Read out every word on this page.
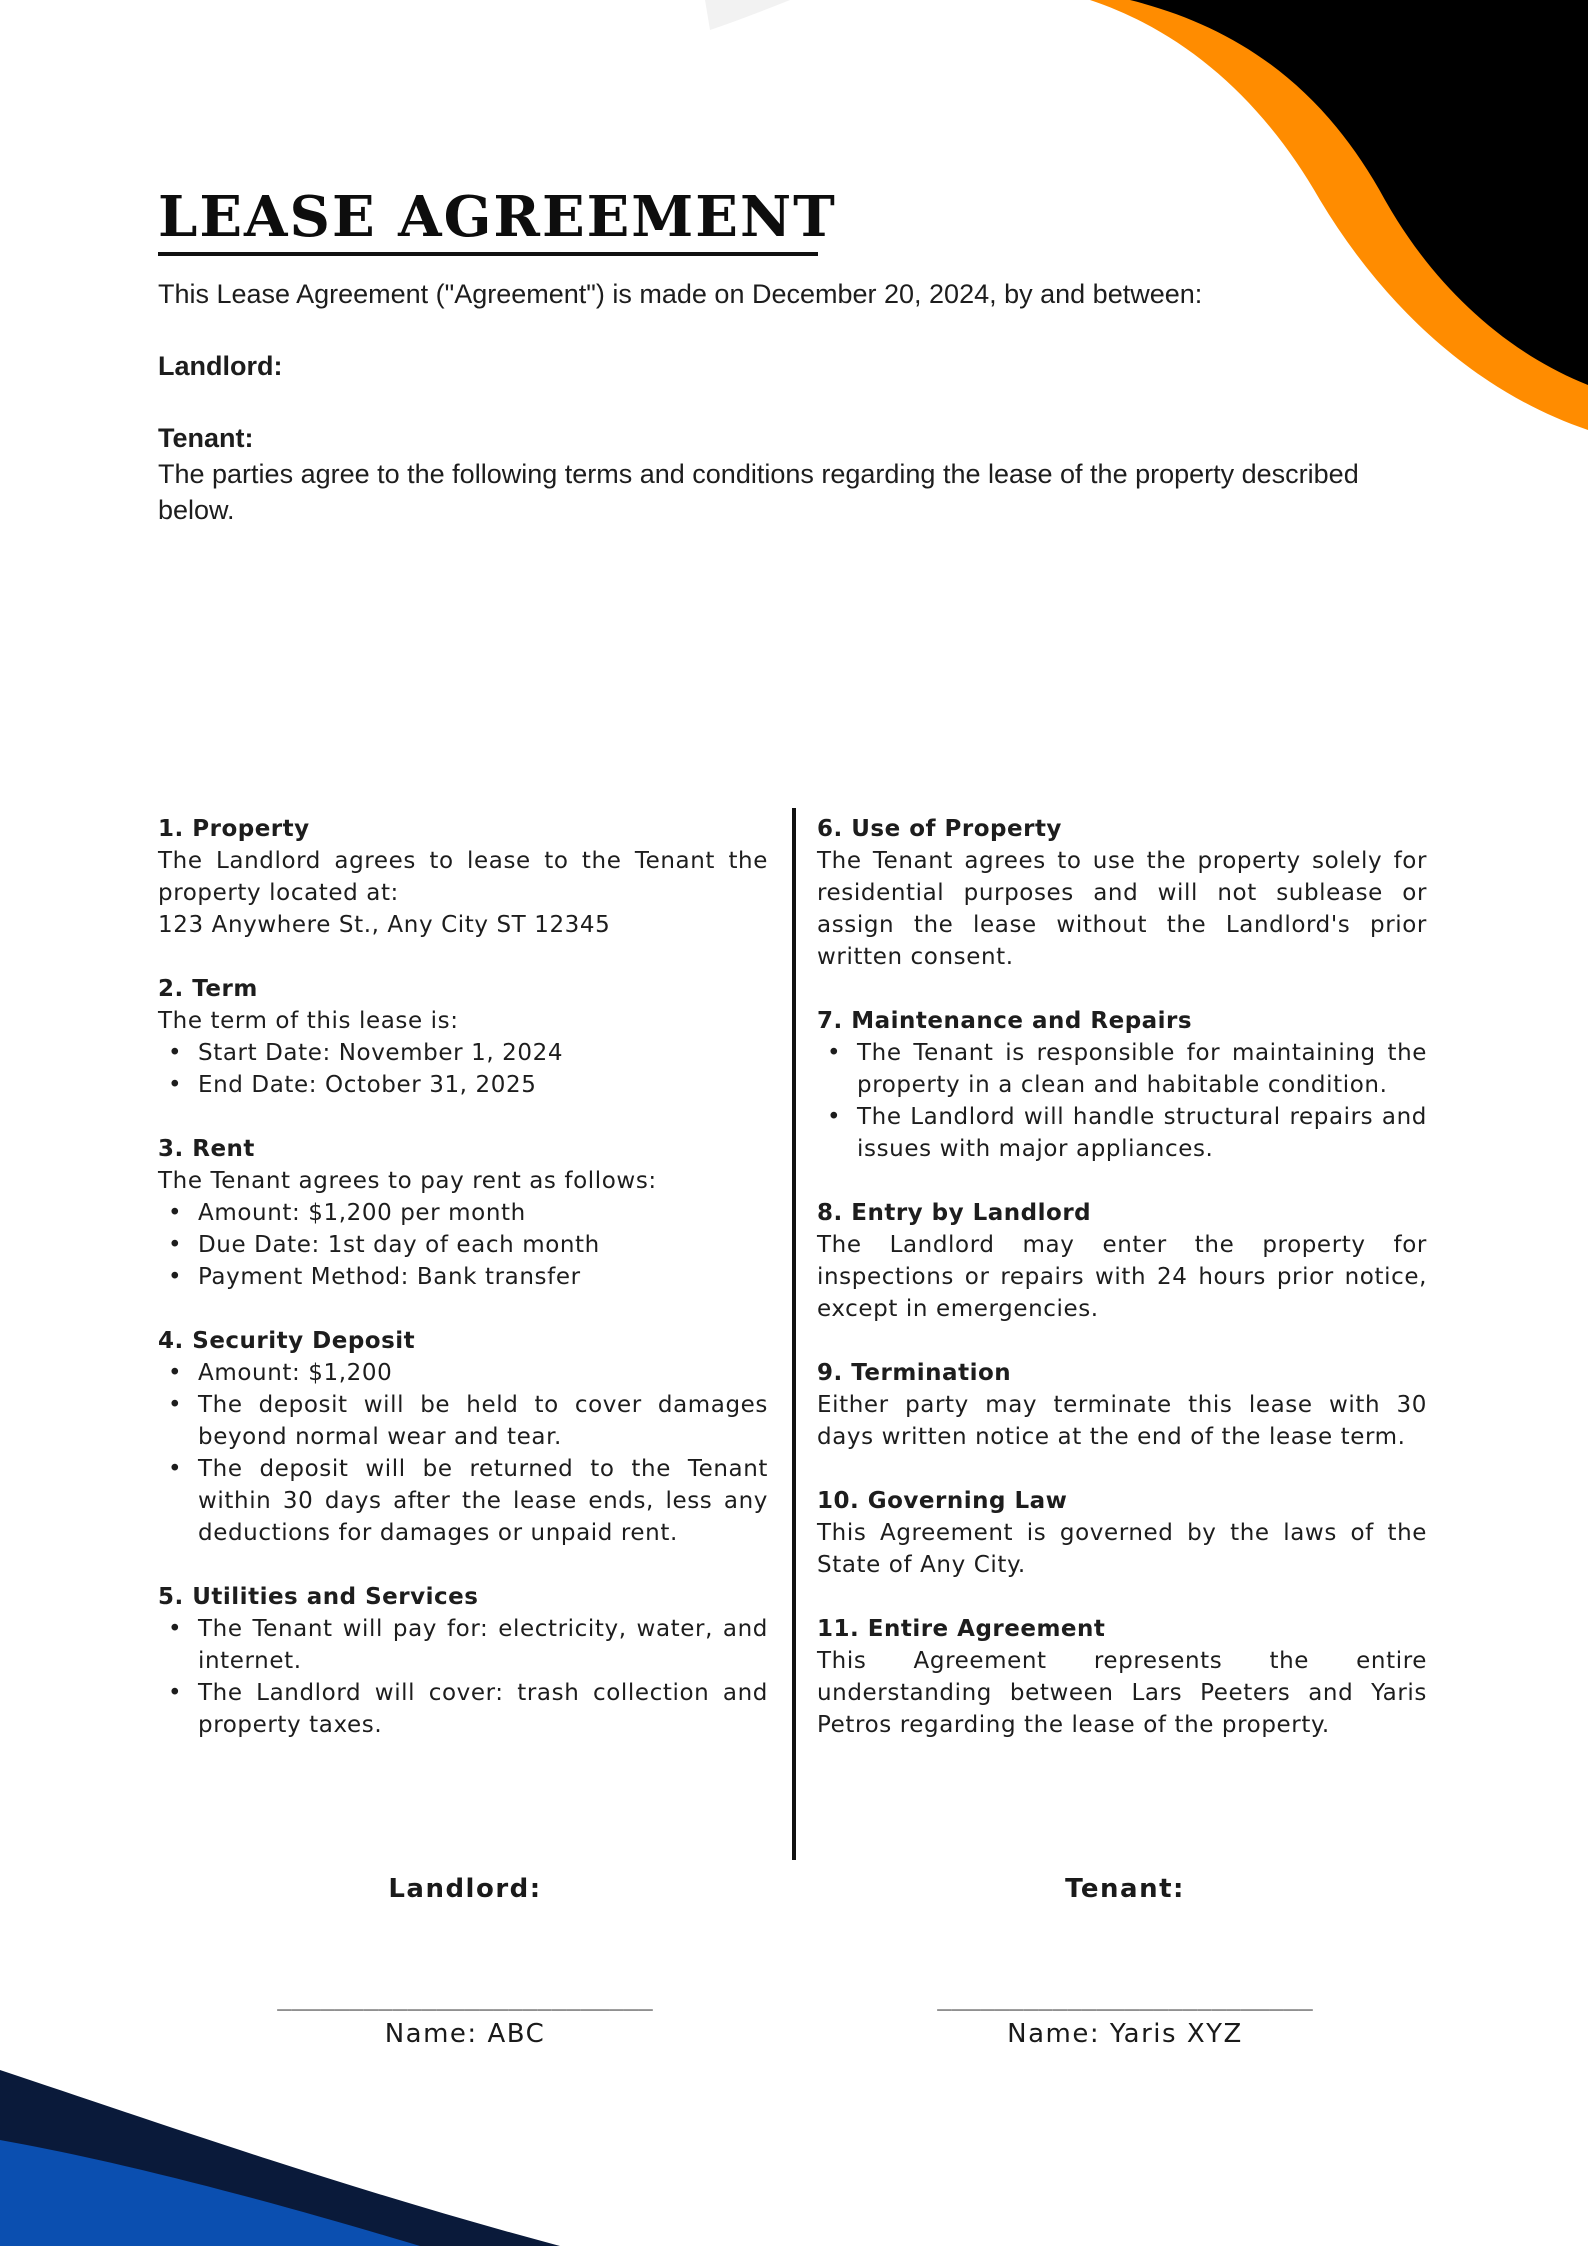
LEASE AGREEMENT

This Lease Agreement ("Agreement") is made on December 20, 2024, by and between:

Landlord:

Tenant:

The parties agree to the following terms and conditions regarding the lease of the property described below.

1. Property

The Landlord agrees to lease to the Tenant the property located at:

123 Anywhere St., Any City ST 12345

2. Term

The term of this lease is:

• Start Date: November 1, 2024
• End Date: October 31, 2025

3. Rent

The Tenant agrees to pay rent as follows:

• Amount: $1,200 per month
• Due Date: 1st day of each month
• Payment Method: Bank transfer

4. Security Deposit

• Amount: $1,200
• The deposit will be held to cover damages beyond normal wear and tear.
• The deposit will be returned to the Tenant within 30 days after the lease ends, less any deductions for damages or unpaid rent.

5. Utilities and Services

• The Tenant will pay for: electricity, water, and internet.
• The Landlord will cover: trash collection and property taxes.

6. Use of Property

The Tenant agrees to use the property solely for residential purposes and will not sublease or assign the lease without the Landlord's prior written consent.

7. Maintenance and Repairs

• The Tenant is responsible for maintaining the property in a clean and habitable condition.
• The Landlord will handle structural repairs and issues with major appliances.

8. Entry by Landlord

The Landlord may enter the property for inspections or repairs with 24 hours prior notice, except in emergencies.

9. Termination

Either party may terminate this lease with 30 days written notice at the end of the lease term.

10. Governing Law

This Agreement is governed by the laws of the State of Any City.

11. Entire Agreement

This Agreement represents the entire understanding between Lars Peeters and Yaris Petros regarding the lease of the property.

Landlord:	Tenant:
__________________________	__________________________
Name: ABC	Name: Yaris XYZ
